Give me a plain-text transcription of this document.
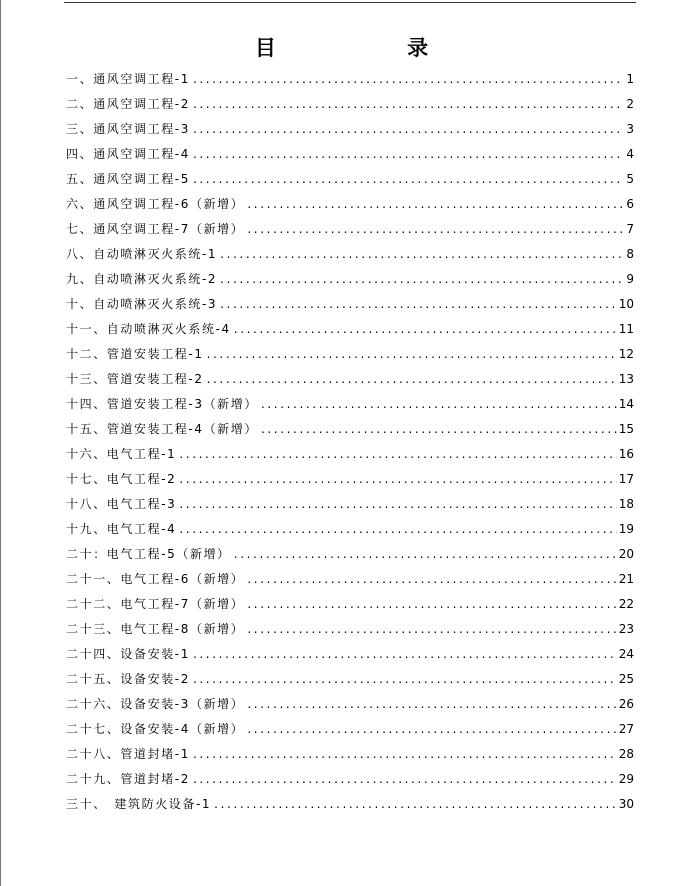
目 录
一、通风空调工程-1 .....	1
二、通风空调工程-2 .....	2
三、通风空调工程-3 .....	3
四、通风空调工程-4 .....	4
五、通风空调工程-5 .....	5
六、通风空调工程-6（新增） .....	6
七、通风空调工程-7（新增） .....	7
八、自动喷淋灭火系统-1 .....	8
九、自动喷淋灭火系统-2 .....	9
十、自动喷淋灭火系统-3 .....	10
十一、自动喷淋灭火系统-4 .....	11
十二、管道安装工程-1 .....	12
十三、管道安装工程-2 .....	13
十四、管道安装工程-3（新增） .....	14
十五、管道安装工程-4（新增） .....	15
十六、电气工程-1 .....	16
十七、电气工程-2 .....	17
十八、电气工程-3 .....	18
十九、电气工程-4 .....	19
二十：电气工程-5（新增） .....	20
二十一、电气工程-6（新增） .....	21
二十二、电气工程-7（新增） .....	22
二十三、电气工程-8（新增） .....	23
二十四、设备安装-1 .....	24
二十五、设备安装-2 .....	25
二十六、设备安装-3（新增） .....	26
二十七、设备安装-4（新增） .....	27
二十八、管道封堵-1 .....	28
二十九、管道封堵-2 .....	29
三十、　建筑防火设备-1 .....	30
